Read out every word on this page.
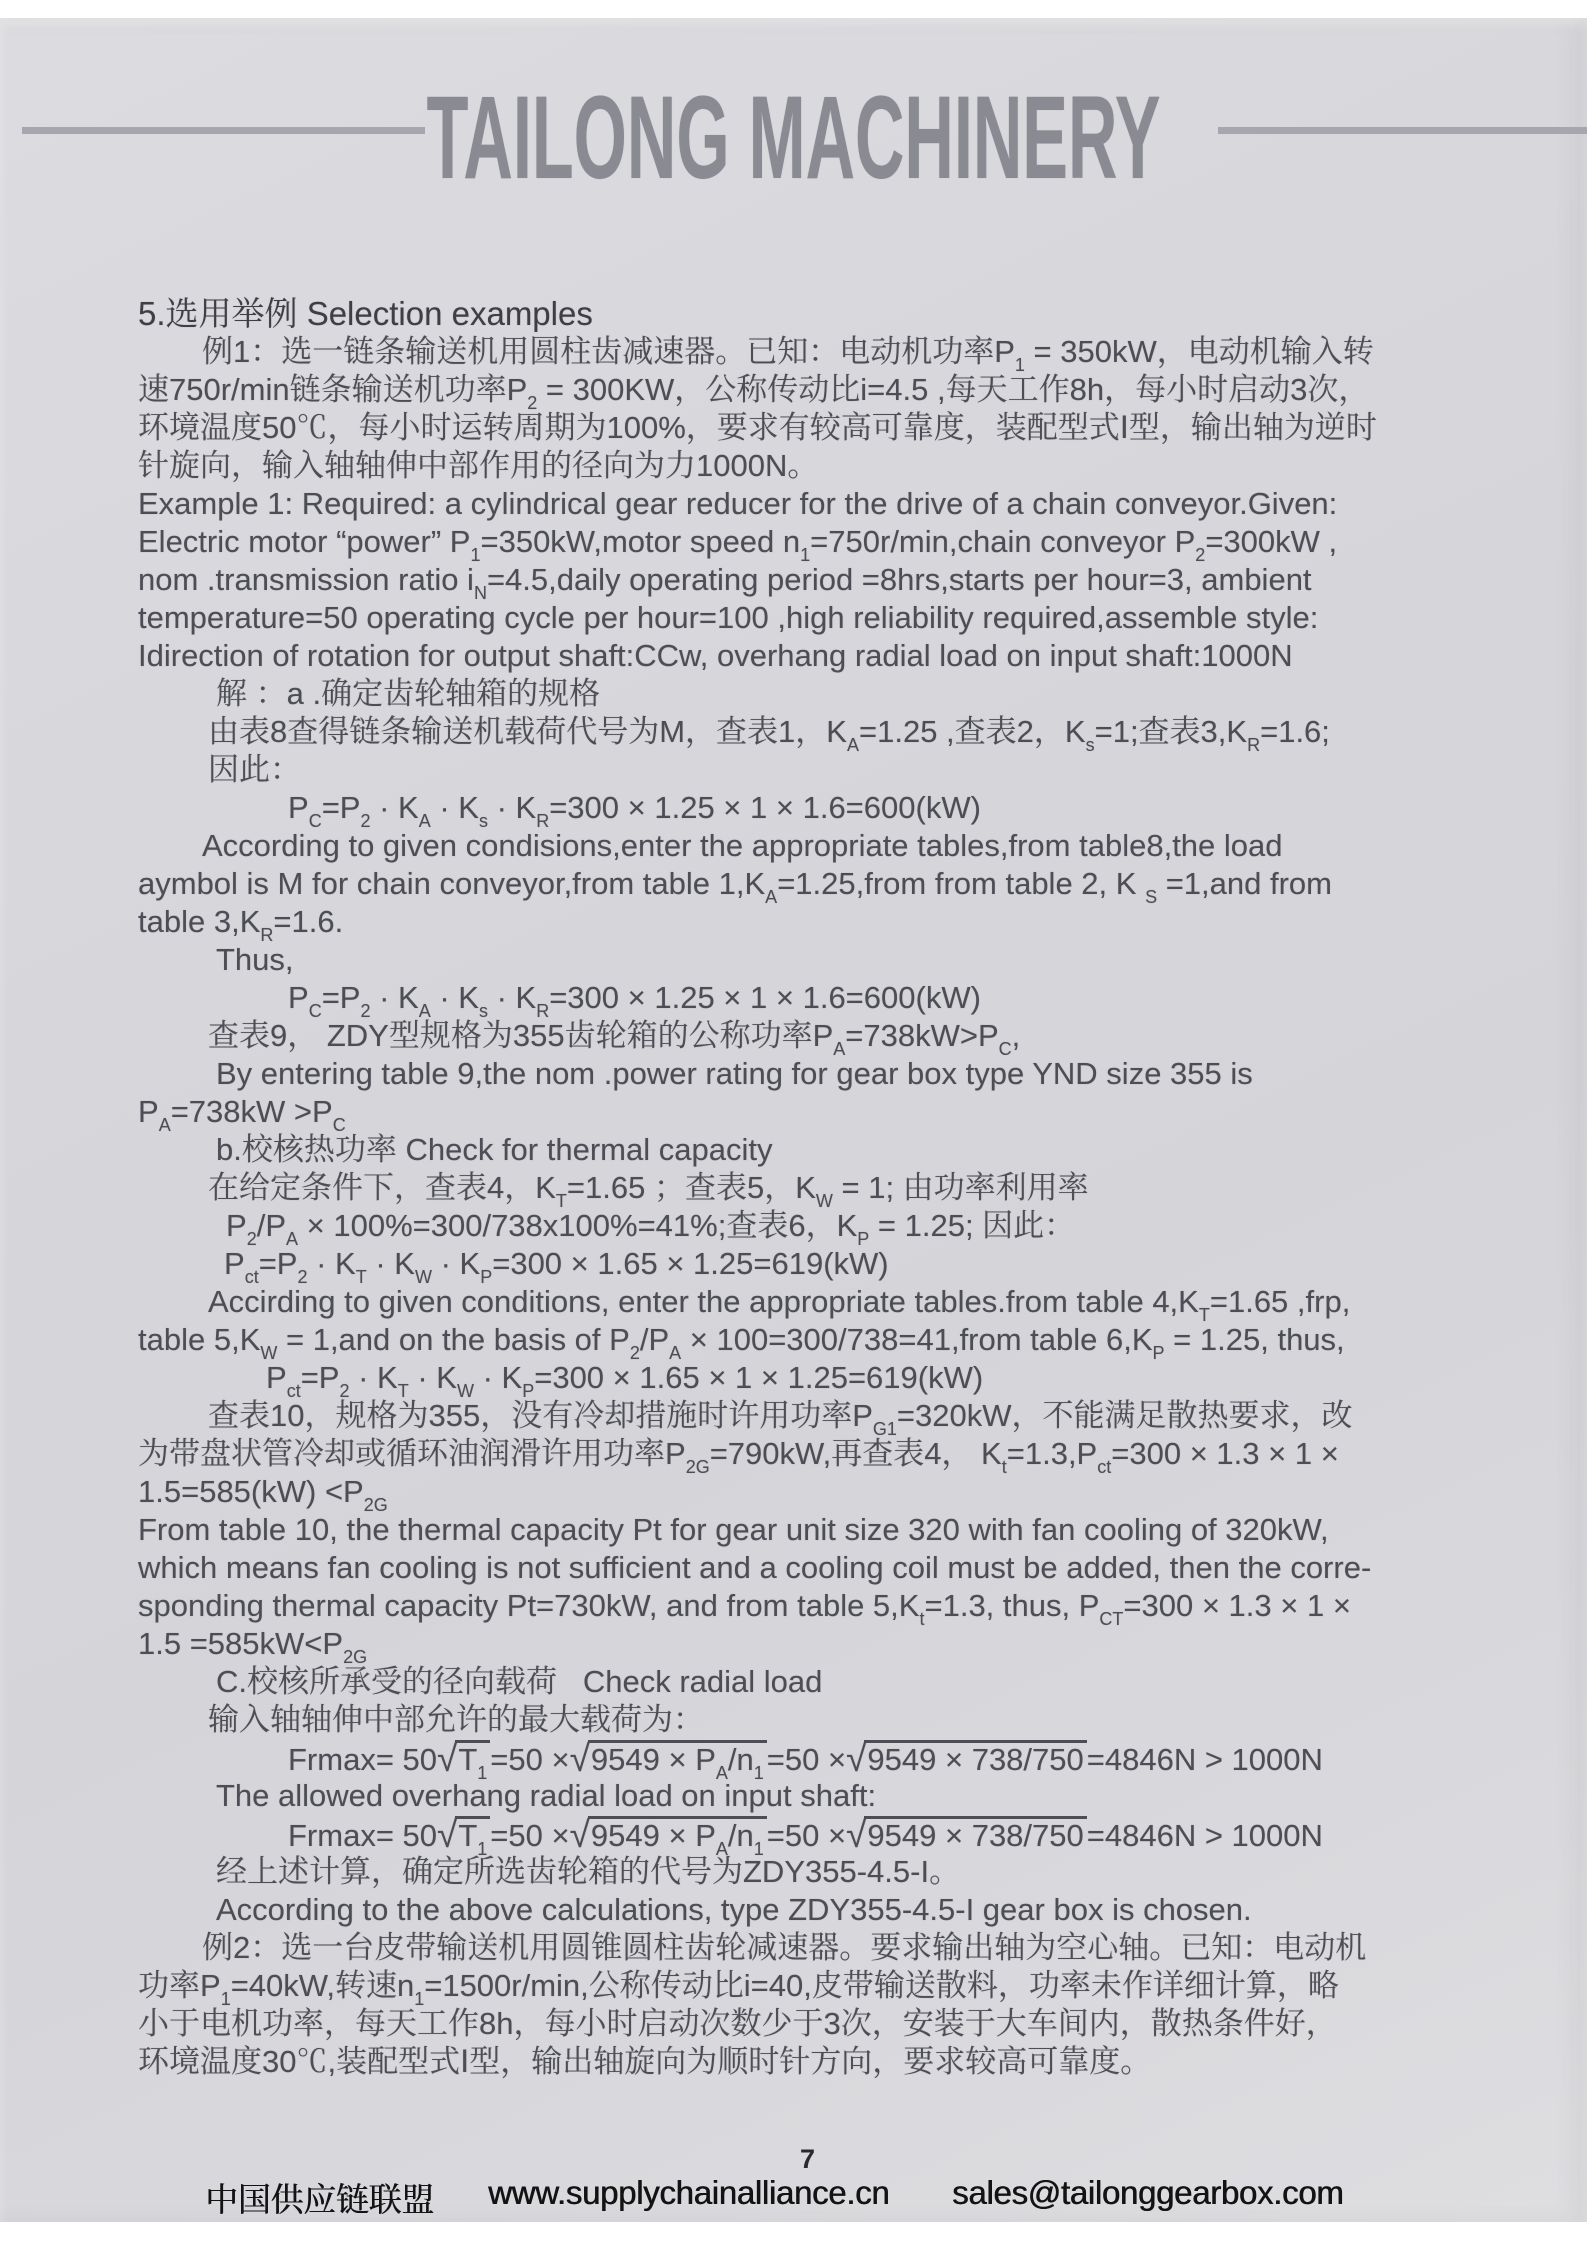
TAILONG MACHINERY
5.选用举例 Selection examples
例1：选一链条输送机用圆柱齿减速器。已知：电动机功率$P_1 = 350kW$，电动机输入转
速750r/min链条输送机功率$P_2 = 300KW$，公称传动比i=4.5 ,每天工作8h，每小时启动3次，
环境温度50℃，每小时运转周期为100%，要求有较高可靠度，装配型式Ⅰ型，输出轴为逆时
针旋向，输入轴轴伸中部作用的径向为力1000N。
Example 1: Required: a cylindrical gear reducer for the drive of a chain conveyor.Given:
Electric motor “power” $P_1=350kW,motor$ speed $n_1=750r/\min,chain$ conveyor $P_2=300kW$ ,
nom .transmission ratio $i_N=4.5,daily$ operating period =8hrs,starts per hour=3, ambient
temperature=50 operating cycle per hour=100 ,high reliability required,assemble style:
Idirection of rotation for output shaft:CCw, overhang radial load on input shaft:1000N
解 ：a .确定齿轮轴箱的规格
由表8查得链条输送机载荷代号为M，查表1，$K_A=1.25$ ,查表2，$K_s=1$;查表$3,K_R=1.6$;
因此：
$P_C=P_2 \cdot K_A \cdot K_s \cdot K_R=300 \times 1.25 \times 1 \times 1.6=600(kW)$
According to given condisions,enter the appropriate tables,from table8,the load
aymbol is M for chain conveyor,from table $1,K_A=1.25,from$ from table 2, K $_S$ =1,and from
table $3,K_R=1.6$.
Thus,
$P_C=P_2 \cdot K_A \cdot K_s \cdot K_R=300 \times 1.25 \times 1 \times 1.6=600(kW)$
查表9， ZDY型规格为355齿轮箱的公称功率$P_A=738kW>P_C$,
By entering table 9,the nom .power rating for gear box type YND size 355 is
$P_A=738kW >P_C$
b.校核热功率 Check for thermal capacity
在给定条件下，查表4，$K_T=1.65$ ；查表5，$K_W = 1$; 由功率利用率
$P_2/P_A \times 100\%=300/738x100\%=41\%$;查表6，$K_P = 1.25$; 因此：
$P_{ct}=P_2 \cdot K_T \cdot K_W \cdot K_P=300 \times 1.65 \times 1.25=619(kW)$
Accirding to given conditions, enter the appropriate tables.from table $4,K_T=1.65$ ,frp,
table $5,K_W = 1,and$ on the basis of $P_2/P_A$ × 100=300/738=41,from table $6,K_P = 1.25$, thus,
$P_{ct}=P_2 \cdot K_T \cdot K_W \cdot K_P=300 \times 1.65 \times 1 \times 1.25=619(kW)$
查表10，规格为355，没有冷却措施时许用功率$P_{G1}=320kW$，不能满足散热要求，改
为带盘状管冷却或循环油润滑许用功率$P_{2G}=790kW$,再查表4， $K_t=1.3,P_{ct}=300 \times 1.3 \times 1$ ×
$1.5=585(kW) <P_{2G}$
From table 10, the thermal capacity Pt for gear unit size 320 with fan cooling of 320kW,
which means fan cooling is not sufficient and a cooling coil must be added, then the corre-
sponding thermal capacity Pt=730kW, and from table $5,K_t=1.3$, thus, $P_{CT}=300 \times 1.3 \times 1$ ×
$1.5 =585kW<P_{2G}$
C.校核所承受的径向载荷   Check radial load
输入轴轴伸中部允许的最大载荷为：
$Frmax= 50√T_1=50 \times√9549 \times P_A/n_1=50 \times√9549 \times 738/750=4846N > 1000N$
The allowed overhang radial load on input shaft:
$Frmax= 50√T_1=50 \times√9549 \times P_A/n_1=50 \times√9549 \times 738/750=4846N > 1000N$
经上述计算，确定所选齿轮箱的代号为ZDY355-4.5-I。
According to the above calculations, type ZDY355-4.5-I gear box is chosen.
例2：选一台皮带输送机用圆锥圆柱齿轮减速器。要求输出轴为空心轴。已知：电动机
功率$P_1=40kW$,转速$n_1=1500r/\min$,公称传动比i=40,皮带输送散料，功率未作详细计算，略
小于电机功率，每天工作8h，每小时启动次数少于3次，安装于大车间内，散热条件好，
环境温度30℃,装配型式Ⅰ型，输出轴旋向为顺时针方向，要求较高可靠度。
7
中国供应链联盟 www.supplychainalliance.cn sales@tailonggearbox.com
